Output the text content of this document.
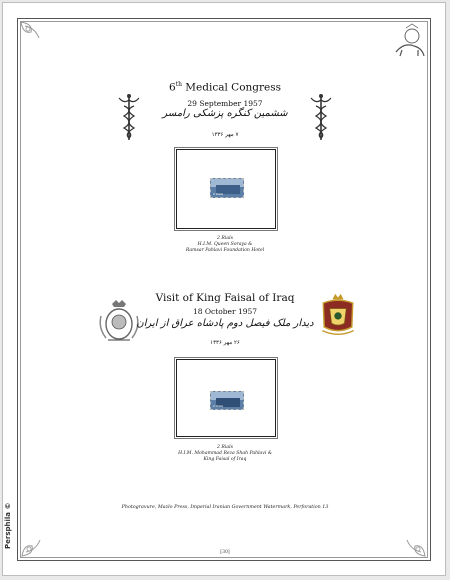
Persphila ©
6th Medical Congress
29 September 1957
ششمین کنگره پزشکی رامسر
۷ مهر ۱۳۳۶
2 Rials
2 Rials
H.I.M. Queen Soraya &
Ramsar Pahlavi Foundation Hotel
Visit of King Faisal of Iraq
18 October 1957
دیدار ملک فیصل دوم پادشاه عراق از ایران
۲۶ مهر ۱۳۳۶
2 Rials
2 Rials
H.I.M. Mohammad Reza Shah Pahlavi &
King Faisal of Iraq
Photogravure, Mazlo Press, Imperial Iranian Government Watermark, Perforation 13
[30]
